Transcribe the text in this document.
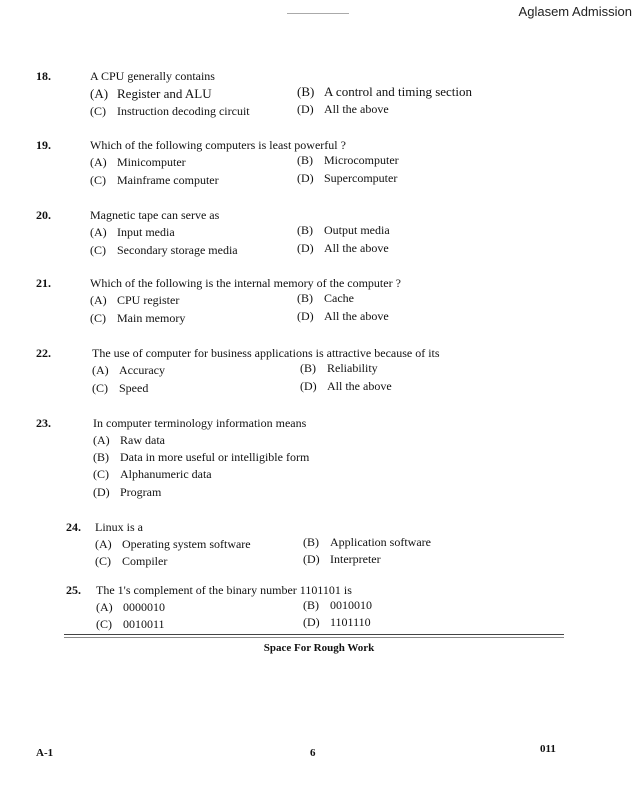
Aglasem Admission
18.	A CPU generally contains
(A) Register and ALU	(B) A control and timing section
(C) Instruction decoding circuit	(D) All the above
19.	Which of the following computers is least powerful ?
(A) Minicomputer	(B) Microcomputer
(C) Mainframe computer	(D) Supercomputer
20.	Magnetic tape can serve as
(A) Input media	(B) Output media
(C) Secondary storage media	(D) All the above
21.	Which of the following is the internal memory of the computer ?
(A) CPU register	(B) Cache
(C) Main memory	(D) All the above
22.	The use of computer for business applications is attractive because of its
(A) Accuracy	(B) Reliability
(C) Speed	(D) All the above
23.	In computer terminology information means
(A) Raw data
(B) Data in more useful or intelligible form
(C) Alphanumeric data
(D) Program
24. Linux is a
(A) Operating system software	(B) Application software
(C) Compiler	(D) Interpreter
25. The 1's complement of the binary number 1101101 is
(A) 0000010	(B) 0010010
(C) 0010011	(D) 1101110
Space For Rough Work
A-1	6	011
